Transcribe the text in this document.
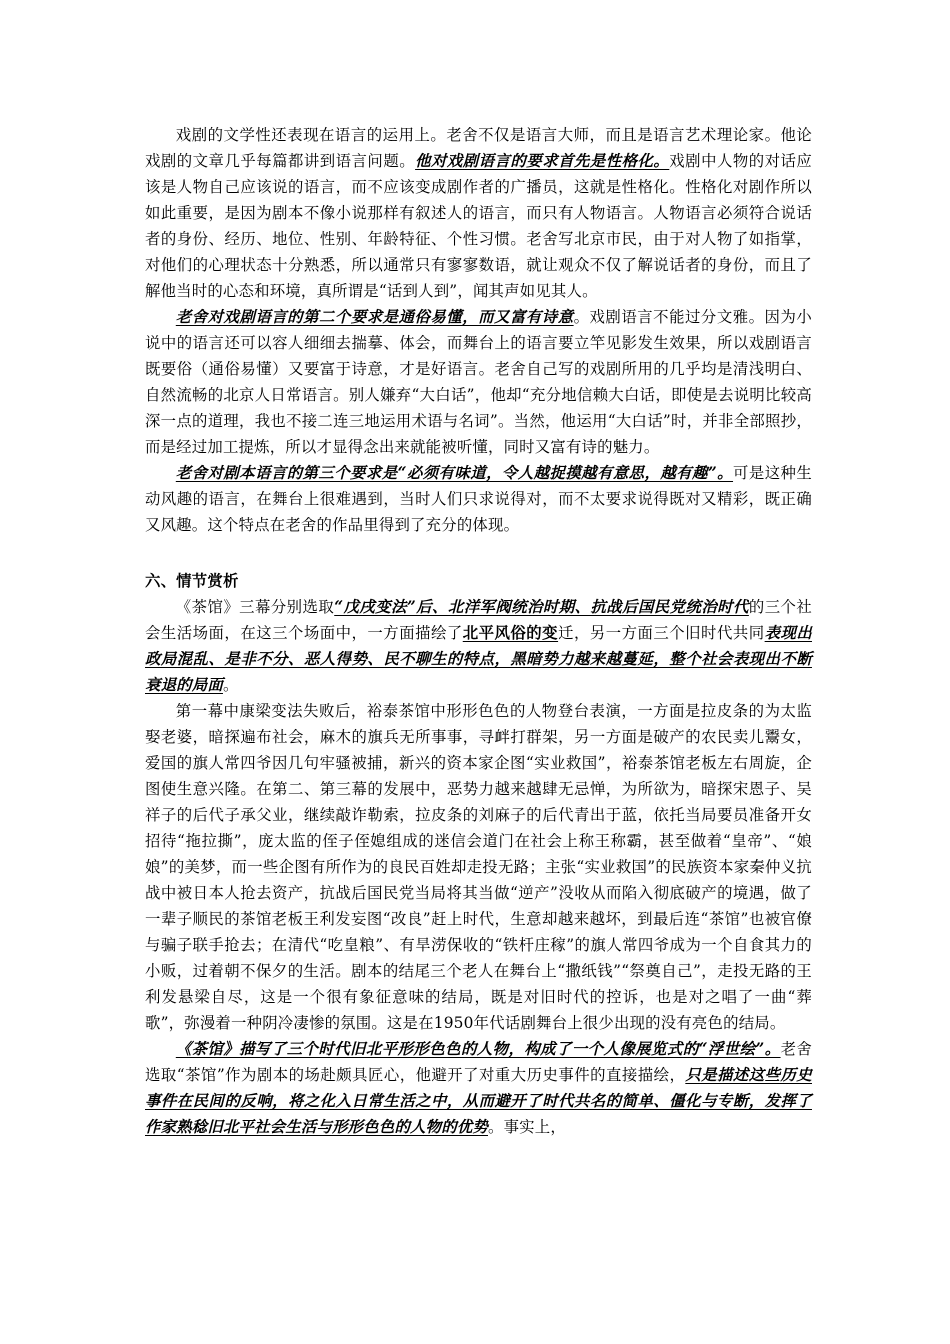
戏剧的文学性还表现在语言的运用上。老舍不仅是语言大师，而且是语言艺术理论家。他论戏剧的文章几乎每篇都讲到语言问题。他对戏剧语言的要求首先是性格化。戏剧中人物的对话应该是人物自己应该说的语言，而不应该变成剧作者的广播员，这就是性格化。性格化对剧作所以如此重要，是因为剧本不像小说那样有叙述人的语言，而只有人物语言。人物语言必须符合说话者的身份、经历、地位、性别、年龄特征、个性习惯。老舍写北京市民，由于对人物了如指掌，对他们的心理状态十分熟悉，所以通常只有寥寥数语，就让观众不仅了解说话者的身份，而且了解他当时的心态和环境，真所谓是“话到人到”，闻其声如见其人。

老舍对戏剧语言的第二个要求是通俗易懂，而又富有诗意。戏剧语言不能过分文雅。因为小说中的语言还可以容人细细去揣摹、体会，而舞台上的语言要立竿见影发生效果，所以戏剧语言既要俗（通俗易懂）又要富于诗意，才是好语言。老舍自己写的戏剧所用的几乎均是清浅明白、自然流畅的北京人日常语言。别人嫌弃“大白话”，他却“充分地信赖大白话，即使是去说明比较高深一点的道理，我也不接二连三地运用术语与名词”。当然，他运用“大白话”时，并非全部照抄，而是经过加工提炼，所以才显得念出来就能被听懂，同时又富有诗的魅力。

老舍对剧本语言的第三个要求是“必须有味道，令人越捉摸越有意思，越有趣”。可是这种生动风趣的语言，在舞台上很难遇到，当时人们只求说得对，而不太要求说得既对又精彩，既正确又风趣。这个特点在老舍的作品里得到了充分的体现。

六、情节赏析

《茶馆》三幕分别选取“戊戌变法”后、北洋军阀统治时期、抗战后国民党统治时代的三个社会生活场面，在这三个场面中，一方面描绘了北平风俗的变迁，另一方面三个旧时代共同表现出政局混乱、是非不分、恶人得势、民不聊生的特点，黑暗势力越来越蔓延，整个社会表现出不断衰退的局面。

第一幕中康梁变法失败后，裕泰茶馆中形形色色的人物登台表演，一方面是拉皮条的为太监娶老婆，暗探遍布社会，麻木的旗兵无所事事，寻衅打群架，另一方面是破产的农民卖儿鬻女，爱国的旗人常四爷因几句牢骚被捕，新兴的资本家企图“实业救国”，裕泰茶馆老板左右周旋，企图使生意兴隆。在第二、第三幕的发展中，恶势力越来越肆无忌惮，为所欲为，暗探宋恩子、吴祥子的后代子承父业，继续敲诈勒索，拉皮条的刘麻子的后代青出于蓝，依托当局要员准备开女招待“拖拉撕”，庞太监的侄子侄媳组成的迷信会道门在社会上称王称霸，甚至做着“皇帝”、“娘娘”的美梦，而一些企图有所作为的良民百姓却走投无路；主张“实业救国”的民族资本家秦仲义抗战中被日本人抢去资产，抗战后国民党当局将其当做“逆产”没收从而陷入彻底破产的境遇，做了一辈子顺民的茶馆老板王利发妄图“改良”赶上时代，生意却越来越坏，到最后连“茶馆”也被官僚与骗子联手抢去；在清代“吃皇粮”、有旱涝保收的“铁杆庄稼”的旗人常四爷成为一个自食其力的小贩，过着朝不保夕的生活。剧本的结尾三个老人在舞台上“撒纸钱”“祭奠自己”，走投无路的王利发悬梁自尽，这是一个很有象征意味的结局，既是对旧时代的控诉，也是对之唱了一曲“葬歌”，弥漫着一种阴冷凄惨的氛围。这是在1950年代话剧舞台上很少出现的没有亮色的结局。

《茶馆》描写了三个时代旧北平形形色色的人物，构成了一个人像展览式的“浮世绘”。老舍选取“茶馆”作为剧本的场赴颇具匠心，他避开了对重大历史事件的直接描绘，只是描述这些历史事件在民间的反响，将之化入日常生活之中，从而避开了时代共名的简单、僵化与专断，发挥了作家熟稔旧北平社会生活与形形色色的人物的优势。事实上，
